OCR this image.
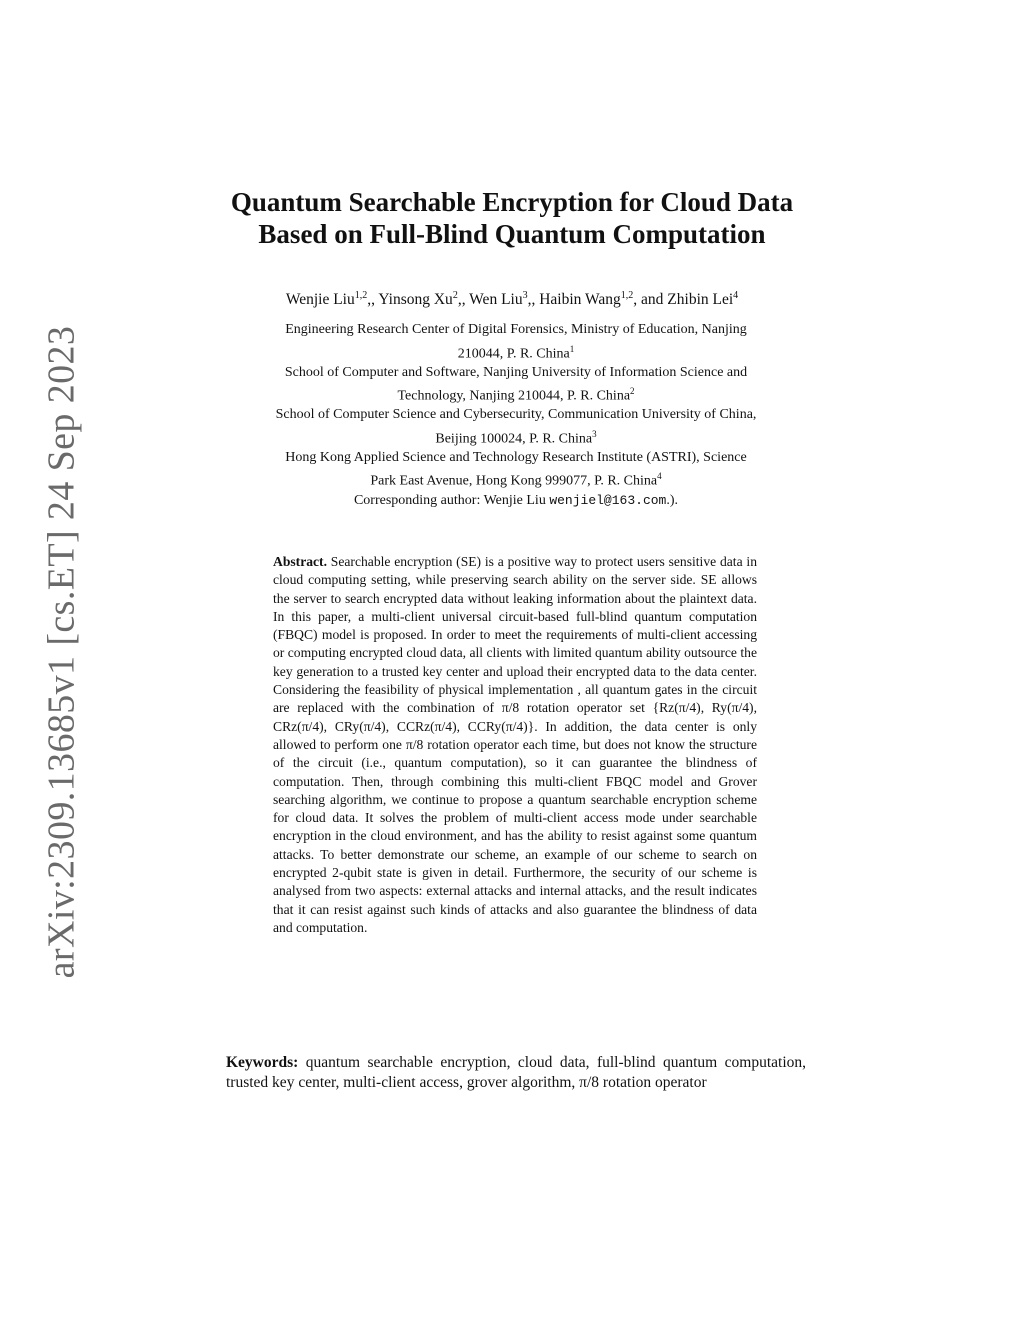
arXiv:2309.13685v1 [cs.ET] 24 Sep 2023
Quantum Searchable Encryption for Cloud Data
Based on Full-Blind Quantum Computation
Wenjie Liu$^{1,2}$,, Yinsong Xu$^2$,, Wen Liu$^3$,, Haibin Wang$^{1,2}$, and Zhibin Lei$^4$
Engineering Research Center of Digital Forensics, Ministry of Education, Nanjing
210044, P. R. China$^1$
School of Computer and Software, Nanjing University of Information Science and
Technology, Nanjing 210044, P. R. China$^2$
School of Computer Science and Cybersecurity, Communication University of China,
Beijing 100024, P. R. China$^3$
Hong Kong Applied Science and Technology Research Institute (ASTRI), Science
Park East Avenue, Hong Kong 999077, P. R. China$^4$
Corresponding author: Wenjie Liu wenjiel@163.com.).

Abstract. Searchable encryption (SE) is a positive way to protect users sensitive data in cloud computing setting, while preserving search ability on the server side. SE allows the server to search encrypted data without leaking information about the plaintext data. In this paper, a multi-client universal circuit-based full-blind quantum computation (FBQC) model is proposed. In order to meet the requirements of multi-client accessing or computing encrypted cloud data, all clients with limited quantum ability outsource the key generation to a trusted key center and upload their encrypted data to the data center. Considering the feasibility of physical implementation , all quantum gates in the circuit are replaced with the combination of π/8 rotation operator set {Rz(π/4), Ry(π/4), CRz(π/4), CRy(π/4), CCRz(π/4), CCRy(π/4)}. In addition, the data center is only allowed to perform one π/8 rotation operator each time, but does not know the structure of the circuit (i.e., quantum computation), so it can guarantee the blindness of computation. Then, through combining this multi-client FBQC model and Grover searching algorithm, we continue to propose a quantum searchable encryption scheme for cloud data. It solves the problem of multi-client access mode under searchable encryption in the cloud environment, and has the ability to resist against some quantum attacks. To better demonstrate our scheme, an example of our scheme to search on encrypted 2-qubit state is given in detail. Furthermore, the security of our scheme is analysed from two aspects: external attacks and internal attacks, and the result indicates that it can resist against such kinds of attacks and also guarantee the blindness of data and computation.

Keywords: quantum searchable encryption, cloud data, full-blind quantum computation, trusted key center, multi-client access, grover algorithm, π/8 rotation operator
